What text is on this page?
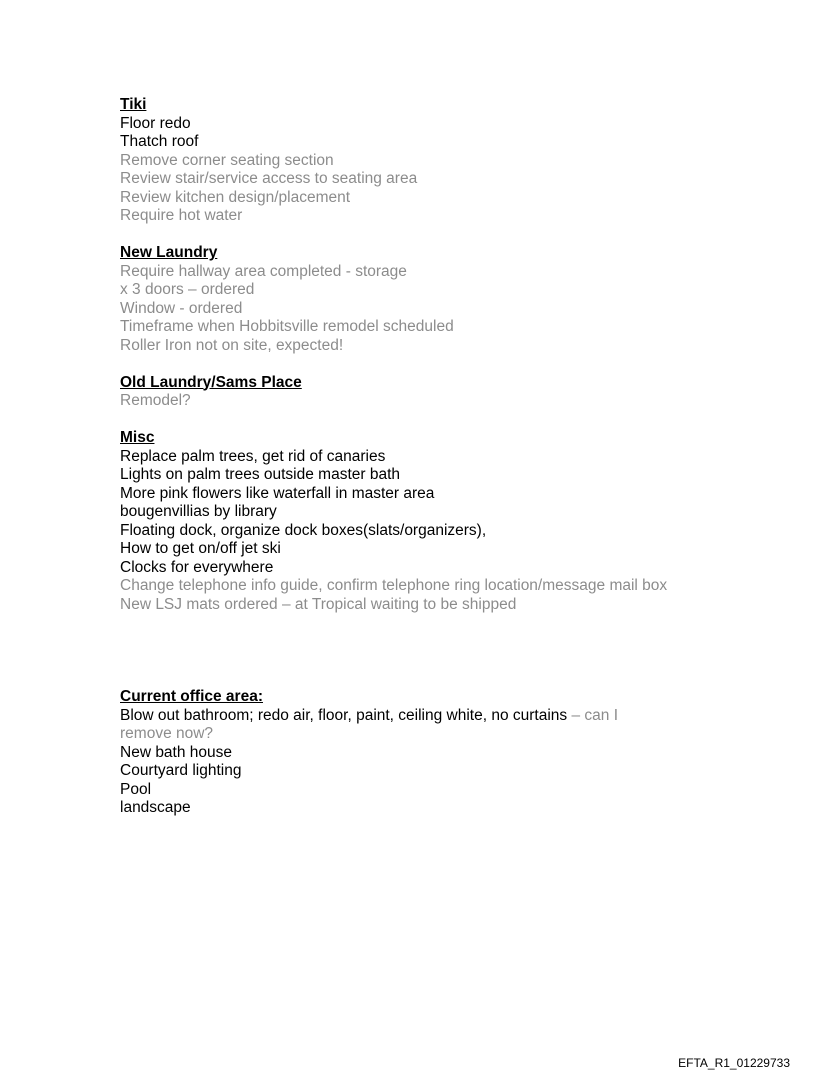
Tiki
Floor redo
Thatch roof
Remove corner seating section
Review stair/service access to seating area
Review kitchen design/placement
Require hot water
New Laundry
Require hallway area completed - storage
x 3 doors – ordered
Window - ordered
Timeframe when Hobbitsville remodel scheduled
Roller Iron not on site, expected!
Old Laundry/Sams Place
Remodel?
Misc
Replace palm trees, get rid of canaries
Lights on palm trees outside master bath
More pink flowers like waterfall in master area
bougenvillias by library
Floating dock, organize dock boxes(slats/organizers),
How to get on/off jet ski
Clocks for everywhere
Change telephone info guide, confirm telephone ring location/message mail box
New LSJ mats ordered – at Tropical waiting to be shipped
Current office area:
Blow out bathroom; redo air, floor, paint, ceiling white, no curtains – can I
remove now?
New bath house
Courtyard lighting
Pool
landscape
EFTA_R1_01229733
